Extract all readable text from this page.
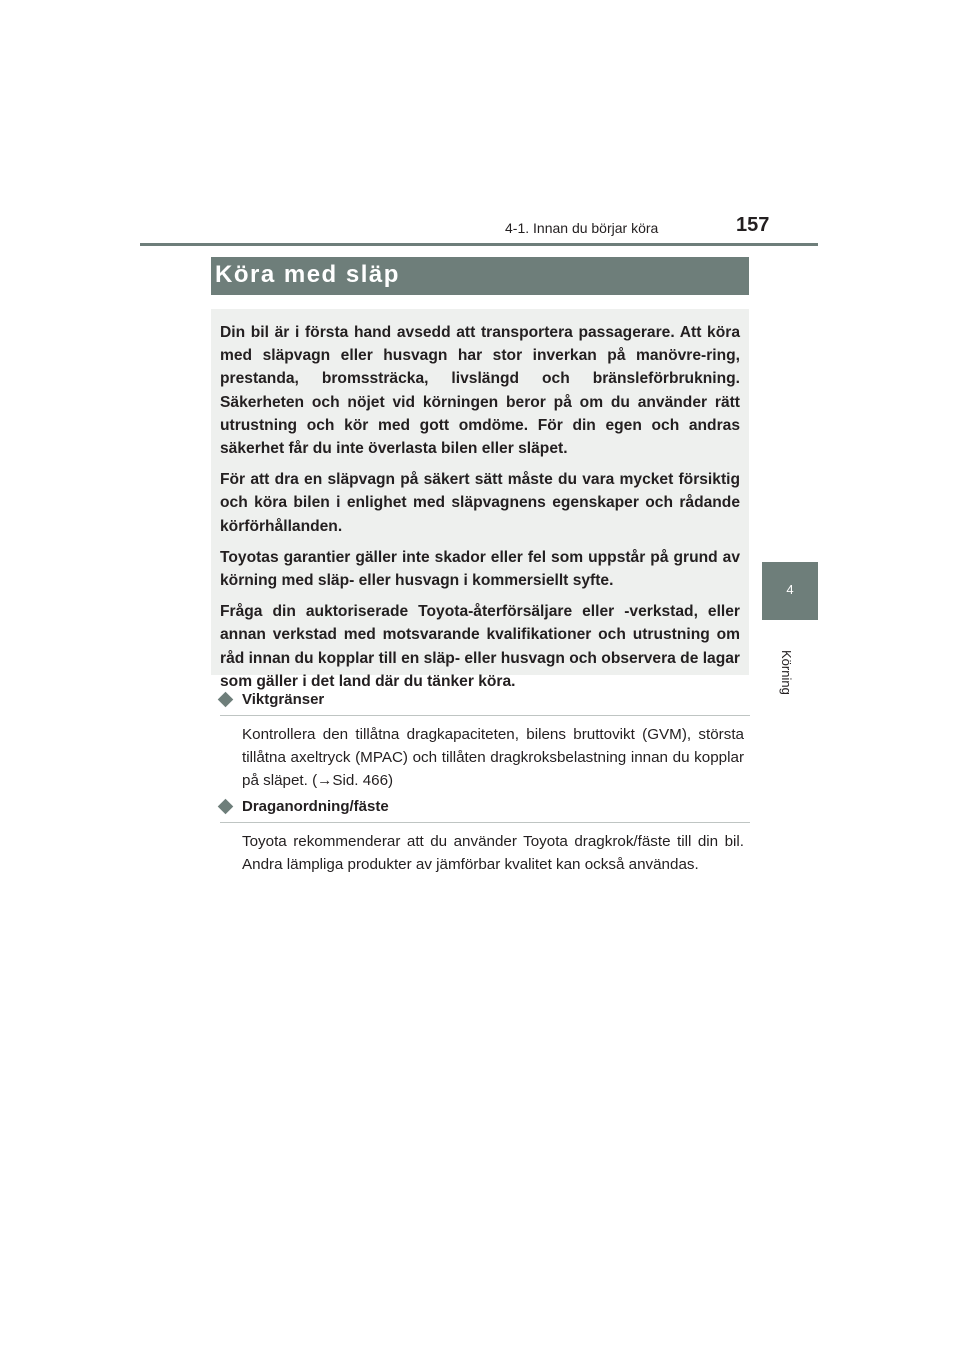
4-1. Innan du börjar köra	157
4
Körning
Köra med släp

Din bil är i första hand avsedd att transportera passagerare. Att köra med släpvagn eller husvagn har stor inverkan på manövre-ring, prestanda, bromssträcka, livslängd och bränsleförbrukning. Säkerheten och nöjet vid körningen beror på om du använder rätt utrustning och kör med gott omdöme. För din egen och andras säkerhet får du inte överlasta bilen eller släpet.

För att dra en släpvagn på säkert sätt måste du vara mycket försiktig och köra bilen i enlighet med släpvagnens egenskaper och rådande körförhållanden.

Toyotas garantier gäller inte skador eller fel som uppstår på grund av körning med släp- eller husvagn i kommersiellt syfte.

Fråga din auktoriserade Toyota-återförsäljare eller -verkstad, eller annan verkstad med motsvarande kvalifikationer och utrustning om råd innan du kopplar till en släp- eller husvagn och observera de lagar som gäller i det land där du tänker köra.

Viktgränser

Kontrollera den tillåtna dragkapaciteten, bilens bruttovikt (GVM), största tillåtna axeltryck (MPAC) och tillåten dragkroksbelastning innan du kopplar på släpet. (→Sid. 466)

Draganordning/fäste

Toyota rekommenderar att du använder Toyota dragkrok/fäste till din bil. Andra lämpliga produkter av jämförbar kvalitet kan också användas.
